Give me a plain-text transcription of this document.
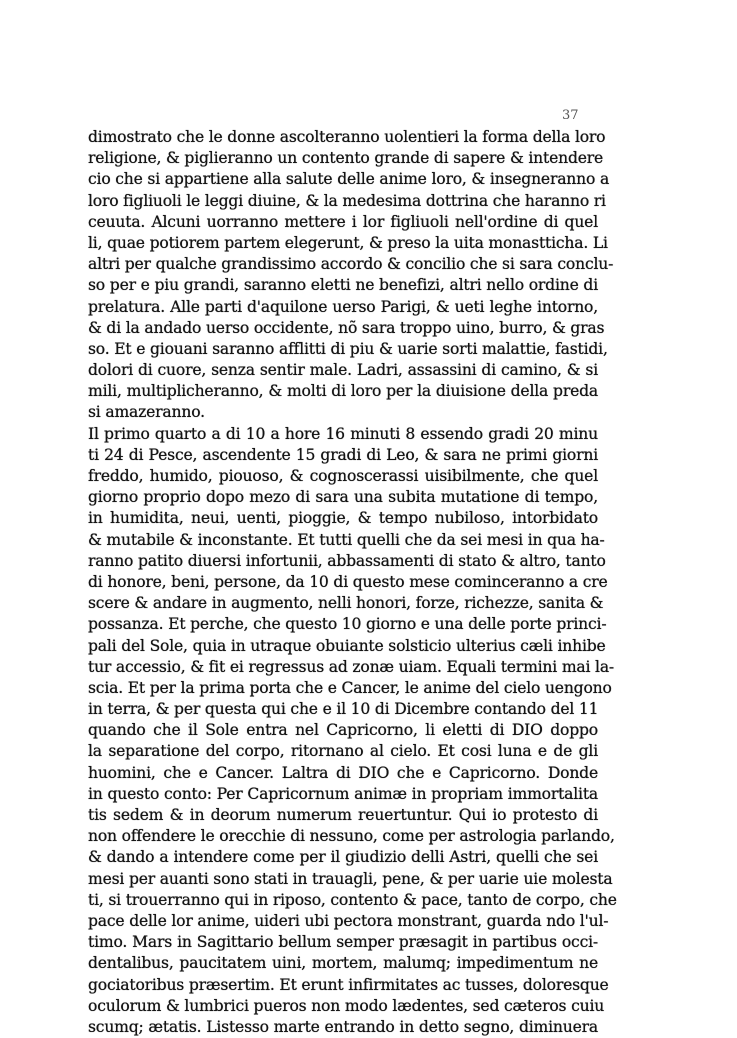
37
dimostrato che le donne ascolteranno uolentieri la forma della loro
religione, & piglieranno un contento grande di sapere & intendere
cio che si appartiene alla salute delle anime loro, & insegneranno a
loro figliuoli le leggi diuine, & la medesima dottrina che haranno ri
ceuuta. Alcuni uorranno mettere i lor figliuoli nell'ordine di quel
li, quae potiorem partem elegerunt, & preso la uita monastticha. Li
altri per qualche grandissimo accordo & concilio che si sara conclu-
so per e piu grandi, saranno eletti ne benefizi, altri nello ordine di
prelatura. Alle parti d'aquilone uerso Parigi, & ueti leghe intorno,
& di la andado uerso occidente, nõ sara troppo uino, burro, & gras
so. Et e giouani saranno afflitti di piu & uarie sorti malattie, fastidi,
dolori di cuore, senza sentir male. Ladri, assassini di camino, & si
mili, multiplicheranno, & molti di loro per la diuisione della preda
si amazeranno.
Il primo quarto a di 10 a hore 16 minuti 8 essendo gradi 20 minu
ti 24 di Pesce, ascendente 15 gradi di Leo, & sara ne primi giorni
freddo, humido, piouoso, & cognoscerassi uisibilmente, che quel
giorno proprio dopo mezo di sara una subita mutatione di tempo,
in humidita, neui, uenti, pioggie, & tempo nubiloso, intorbidato
& mutabile & inconstante. Et tutti quelli che da sei mesi in qua ha-
ranno patito diuersi infortunii, abbassamenti di stato & altro, tanto
di honore, beni, persone, da 10 di questo mese cominceranno a cre
scere & andare in augmento, nelli honori, forze, richezze, sanita &
possanza. Et perche, che questo 10 giorno e una delle porte princi-
pali del Sole, quia in utraque obuiante solsticio ulterius cæli inhibe
tur accessio, & fit ei regressus ad zonæ uiam. Equali termini mai la-
scia. Et per la prima porta che e Cancer, le anime del cielo uengono
in terra, & per questa qui che e il 10 di Dicembre contando del 11
quando che il Sole entra nel Capricorno, li eletti di DIO doppo
la separatione del corpo, ritornano al cielo. Et cosi luna e de gli
huomini, che e Cancer. Laltra di DIO che e Capricorno. Donde
in questo conto: Per Capricornum animæ in propriam immortalita
tis sedem & in deorum numerum reuertuntur. Qui io protesto di
non offendere le orecchie di nessuno, come per astrologia parlando,
& dando a intendere come per il giudizio delli Astri, quelli che sei
mesi per auanti sono stati in trauagli, pene, & per uarie uie molesta
ti, si trouerranno qui in riposo, contento & pace, tanto de corpo, che
pace delle lor anime, uideri ubi pectora monstrant, guarda ndo l'ul-
timo. Mars in Sagittario bellum semper præsagit in partibus occi-
dentalibus, paucitatem uini, mortem, malumq; impedimentum ne
gociatoribus præsertim. Et erunt infirmitates ac tusses, doloresque
oculorum & lumbrici pueros non modo lædentes, sed cæteros cuiu
scumq; ætatis. Listesso marte entrando in detto segno, diminuera
